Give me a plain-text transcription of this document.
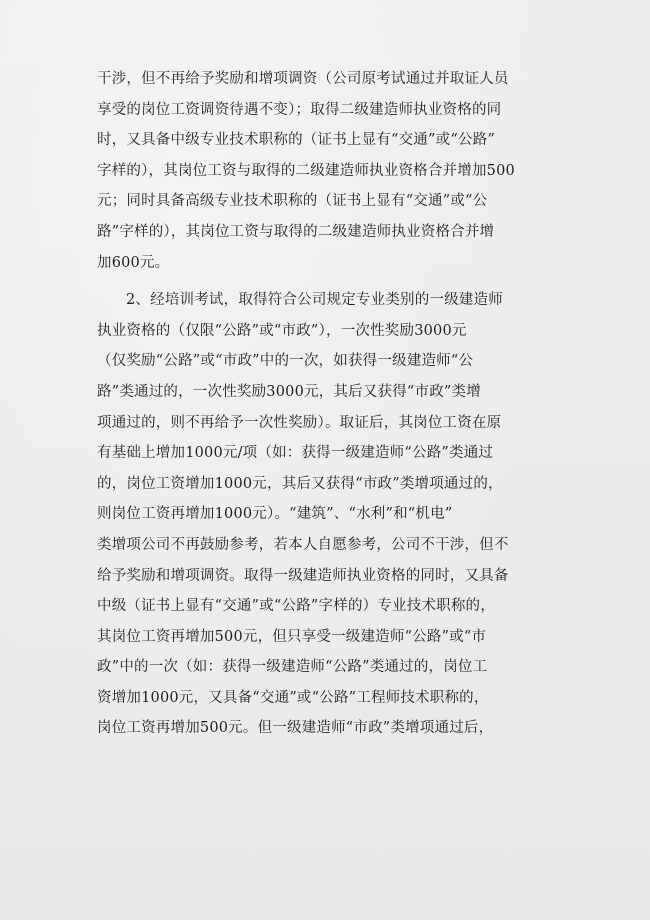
干涉，但不再给予奖励和增项调资（公司原考试通过并取证人员
享受的岗位工资调资待遇不变）；取得二级建造师执业资格的同
时，又具备中级专业技术职称的（证书上显有“交通”或“公路”
字样的），其岗位工资与取得的二级建造师执业资格合并增加500
元；同时具备高级专业技术职称的（证书上显有“交通”或“公
路”字样的），其岗位工资与取得的二级建造师执业资格合并增
加600元。
2、经培训考试，取得符合公司规定专业类别的一级建造师
执业资格的（仅限“公路”或“市政”），一次性奖励3000元
（仅奖励“公路”或“市政”中的一次，如获得一级建造师“公
路”类通过的，一次性奖励3000元，其后又获得“市政”类增
项通过的，则不再给予一次性奖励）。取证后，其岗位工资在原
有基础上增加1000元/项（如：获得一级建造师“公路”类通过
的，岗位工资增加1000元，其后又获得“市政”类增项通过的，
则岗位工资再增加1000元）。“建筑”、“水利”和“机电”
类增项公司不再鼓励参考，若本人自愿参考，公司不干涉，但不
给予奖励和增项调资。取得一级建造师执业资格的同时，又具备
中级（证书上显有“交通”或“公路”字样的）专业技术职称的，
其岗位工资再增加500元，但只享受一级建造师“公路”或“市
政”中的一次（如：获得一级建造师“公路”类通过的，岗位工
资增加1000元，又具备“交通”或“公路”工程师技术职称的，
岗位工资再增加500元。但一级建造师“市政”类增项通过后，
